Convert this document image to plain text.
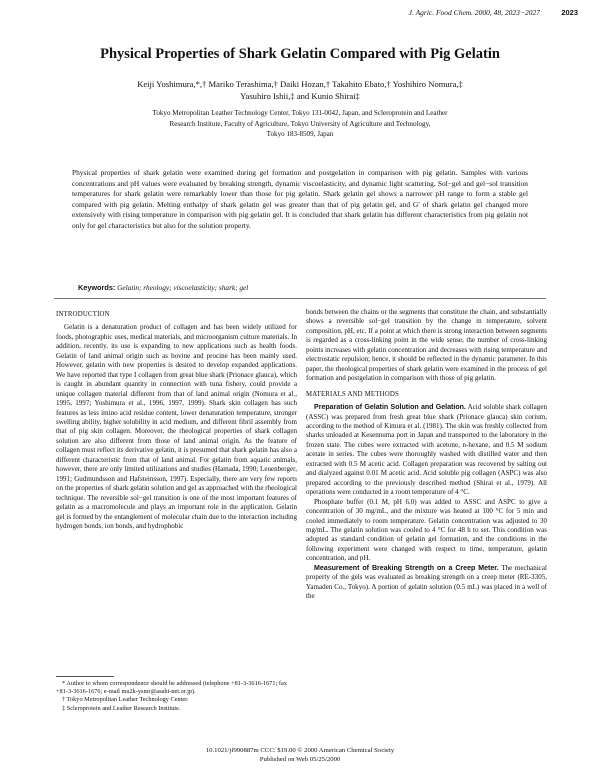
J. Agric. Food Chem. 2000, 48, 2023−2027	2023
Physical Properties of Shark Gelatin Compared with Pig Gelatin
Keiji Yoshimura,*,† Mariko Terashima,† Daiki Hozan,† Takahito Ebato,† Yoshihiro Nomura,‡
Yasuhiro Ishii,‡ and Kunio Shirai‡
Tokyo Metropolitan Leather Technology Center, Tokyo 131-0042, Japan, and Scleroprotein and Leather
Research Institute, Faculty of Agriculture, Tokyo University of Agriculture and Technology,
Tokyo 183-8509, Japan
Physical properties of shark gelatin were examined during gel formation and postgelation in comparison with pig gelatin. Samples with various concentrations and pH values were evaluated by breaking strength, dynamic viscoelasticity, and dynamic light scattering. Sol−gel and gel−sol transition temperatures for shark gelatin were remarkably lower than those for pig gelatin. Shark gelatin gel shows a narrower pH range to form a stable gel compared with pig gelatin. Melting enthalpy of shark gelatin gel was greater than that of pig gelatin gel, and G′ of shark gelatin gel changed more extensively with rising temperature in comparison with pig gelatin gel. It is concluded that shark gelatin has different characteristics from pig gelatin not only for gel characteristics but also for the solution property.
Keywords: Gelatin; rheology; viscoelasticity; shark; gel
INTRODUCTION

Gelatin is a denaturation product of collagen and has been widely utilized for foods, photographic uses, medical materials, and microorganism culture materials. In addition, recently, its use is expanding to new applications such as health foods. Gelatin of land animal origin such as bovine and procine has been mainly used. However, gelatin with new properties is desired to develop expanded applications. We have reported that type I collagen from great blue shark (Prionace glauca), which is caught in abundant quantity in connection with tuna fishery, could provide a unique collagen material different from that of land animal origin (Nomura et al., 1995, 1997; Yoshimura et al., 1996, 1997, 1999). Shark skin collagen has such features as less imino acid residue content, lower denaturation temperature, stronger swelling ability, higher solubility in acid medium, and different fibril assembly from that of pig skin collagen. Moreover, the rheological properties of shark collagen solution are also different from those of land animal origin. As the feature of collagen must reflect its derivative gelatin, it is presumed that shark gelatin has also a different characteristic from that of land animal. For gelatin from aquatic animals, however, there are only limited utilizations and studies (Hamada, 1990; Leuenberger, 1991; Gudmundsson and Hafsteinsson, 1997). Especially, there are very few reports on the properties of shark gelatin solution and gel as approached with the rheological technique. The reversible sol−gel transition is one of the most important features of gelatin as a macromolecule and plays an important role in the application. Gelatin gel is formed by the entanglement of molecular chain due to the interaction including hydrogen bonds, ion bonds, and hydrophobic

* Author to whom correspondence should be addressed (telephone +81-3-3616-1671; fax +81-3-3616-1676; e-mail mu2k-ysmr@asahi-net.or.jp).

† Tokyo Metropolitan Leather Technology Center.

‡ Scleroprotein and Leather Research Institute.

bonds between the chains or the segments that constitute the chain, and substantially shows a reversible sol−gel transition by the change in temperature, solvent composition, pH, etc. If a point at which there is strong interaction between segments is regarded as a cross-linking point in the wide sense, the number of cross-linking points increases with gelatin concentration and decreases with rising temperature and electrostatic repulsion; hence, it should be reflected in the dynamic parameter. In this paper, the rheological properties of shark gelatin were examined in the process of gel formation and postgelation in comparison with those of pig gelatin.

MATERIALS AND METHODS

Preparation of Gelatin Solution and Gelation. Acid soluble shark collagen (ASSC) was prepared from fresh great blue shark (Prionace glauca) skin corium, according to the method of Kimura et al. (1981). The skin was freshly collected from sharks unloaded at Kesennuma port in Japan and transported to the laboratory in the frozen state. The cubes were extracted with acetone, n-hexane, and 0.5 M sodium acetate in series. The cubes were thoroughly washed with distilled water and then extracted with 0.5 M acetic acid. Collagen preparation was recovered by salting out and dialyzed against 0.01 M acetic acid. Acid soluble pig collagen (ASPC) was also prepared according to the previously described method (Shirai et al., 1979). All operations were conducted in a room temperature of 4 °C.

Phosphate buffer (0.1 M, pH 6.0) was added to ASSC and ASPC to give a concentration of 30 mg/mL, and the mixture was heated at 100 °C for 5 min and cooled immediately to room temperature. Gelatin concentration was adjusted to 30 mg/mL. The gelatin solution was cooled to 4 °C for 48 h to set. This condition was adopted as standard condition of gelatin gel formation, and the conditions in the following experiment were changed with respect to time, temperature, gelatin concentration, and pH.

Measurement of Breaking Strength on a Creep Meter. The mechanical property of the gels was evaluated as breaking strength on a creep meter (RE-3305, Yamaden Co., Tokyo). A portion of gelatin solution (0.5 mL) was placed in a well of the

10.1021/jf990887m CCC: $19.00 © 2000 American Chemical Society
Published on Web 05/25/2000
